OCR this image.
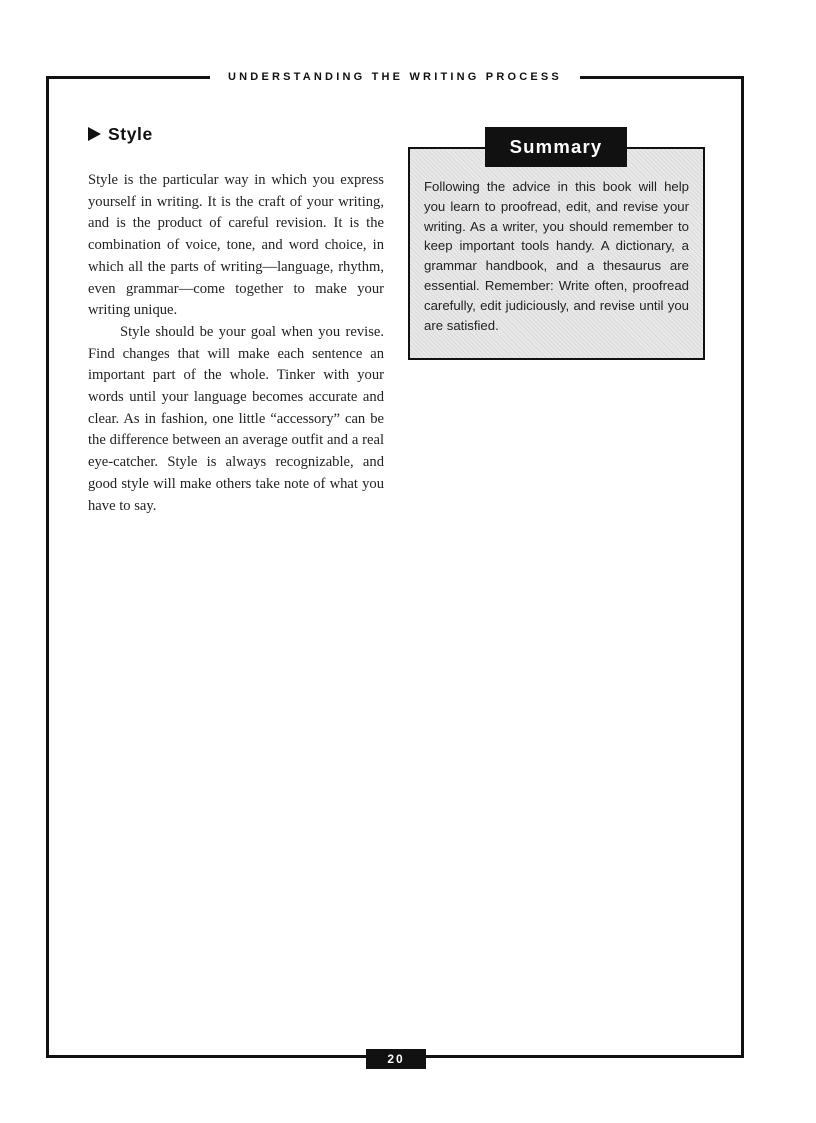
UNDERSTANDING THE WRITING PROCESS
Style

Style is the particular way in which you express yourself in writing. It is the craft of your writing, and is the product of careful revision. It is the combination of voice, tone, and word choice, in which all the parts of writing—language, rhythm, even grammar—come together to make your writing unique.

Style should be your goal when you revise. Find changes that will make each sentence an important part of the whole. Tinker with your words until your language becomes accurate and clear. As in fashion, one little “accessory” can be the difference between an average outfit and a real eye-catcher. Style is always recognizable, and good style will make others take note of what you have to say.

Summary
Following the advice in this book will help you learn to proofread, edit, and revise your writing. As a writer, you should remember to keep important tools handy. A dictionary, a grammar handbook, and a thesaurus are essential. Remember: Write often, proofread carefully, edit judiciously, and revise until you are satisfied.
20
